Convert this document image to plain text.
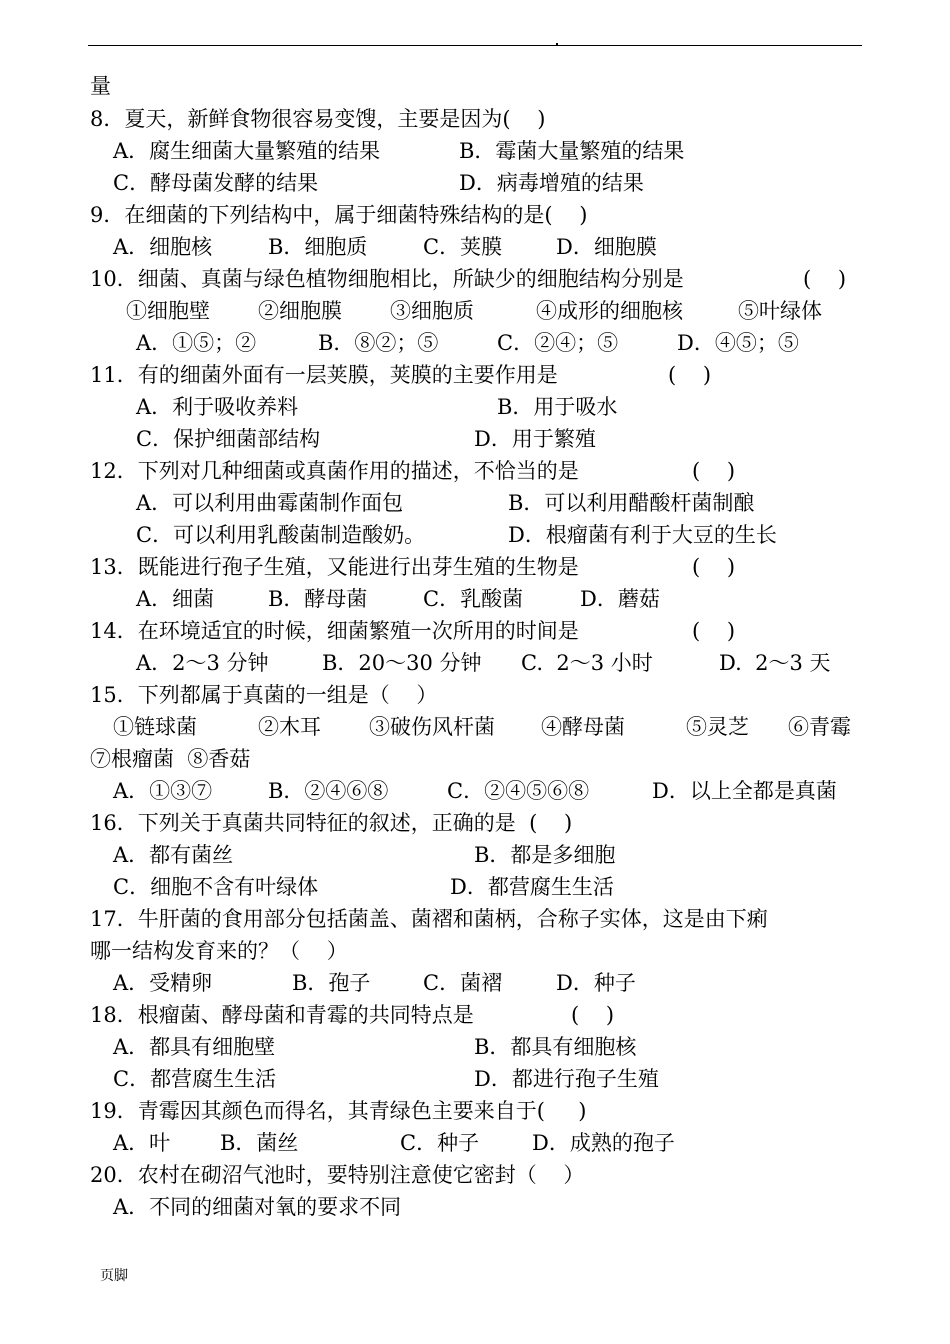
量
8．夏天，新鲜食物很容易变馊，主要是因为(    )
A．腐生细菌大量繁殖的结果	B．霉菌大量繁殖的结果
C．酵母菌发酵的结果	D．病毒增殖的结果
9．在细菌的下列结构中，属于细菌特殊结构的是(    )
A．细胞核	B．细胞质	C．荚膜	D．细胞膜
10．细菌、真菌与绿色植物细胞相比，所缺少的细胞结构分别是	(    )
①细胞壁 ②细胞膜 ③细胞质	④成形的细胞核	⑤叶绿体
A．①⑤；②	B．⑧②；⑤	C．②④；⑤	D．④⑤；⑤
11．有的细菌外面有一层荚膜，荚膜的主要作用是	(    )
A．利于吸收养料	B．用于吸水
C．保护细菌部结构	D．用于繁殖
12．下列对几种细菌或真菌作用的描述，不恰当的是	(    )
A．可以利用曲霉菌制作面包	B．可以利用醋酸杆菌制酿
C．可以利用乳酸菌制造酸奶。	D．根瘤菌有利于大豆的生长
13．既能进行孢子生殖，又能进行出芽生殖的生物是	(    )
A．细菌	B．酵母菌	C．乳酸菌	D．蘑菇
14．在环境适宜的时候，细菌繁殖一次所用的时间是	(    )
A．2～3 分钟	B．20～30 分钟 C.  2～3 小时	D.  2～3 天
15．下列都属于真菌的一组是（    ）
①链球菌	②木耳 ③破伤风杆菌 ④酵母菌	⑤灵芝 ⑥青霉
⑦根瘤菌  ⑧香菇
A．①③⑦	B．②④⑥⑧	C．②④⑤⑥⑧	D．以上全都是真菌
16．下列关于真菌共同特征的叙述，正确的是  (    )
A．都有菌丝	B．都是多细胞
C．细胞不含有叶绿体	D．都营腐生生活
17．牛肝菌的食用部分包括菌盖、菌褶和菌柄，合称子实体，这是由下痢
哪一结构发育来的？（    ）
A．受精卵	B．孢子	C．菌褶	D．种子
18．根瘤菌、酵母菌和青霉的共同特点是	(    )
A．都具有细胞壁	B．都具有细胞核
C．都营腐生生活	D．都进行孢子生殖
19．青霉因其颜色而得名，其青绿色主要来自于(     )
A．叶 B．菌丝	C．种子	D．成熟的孢子
20．农村在砌沼气池时，要特别注意使它密封（    ）
A．不同的细菌对氧的要求不同
页脚
